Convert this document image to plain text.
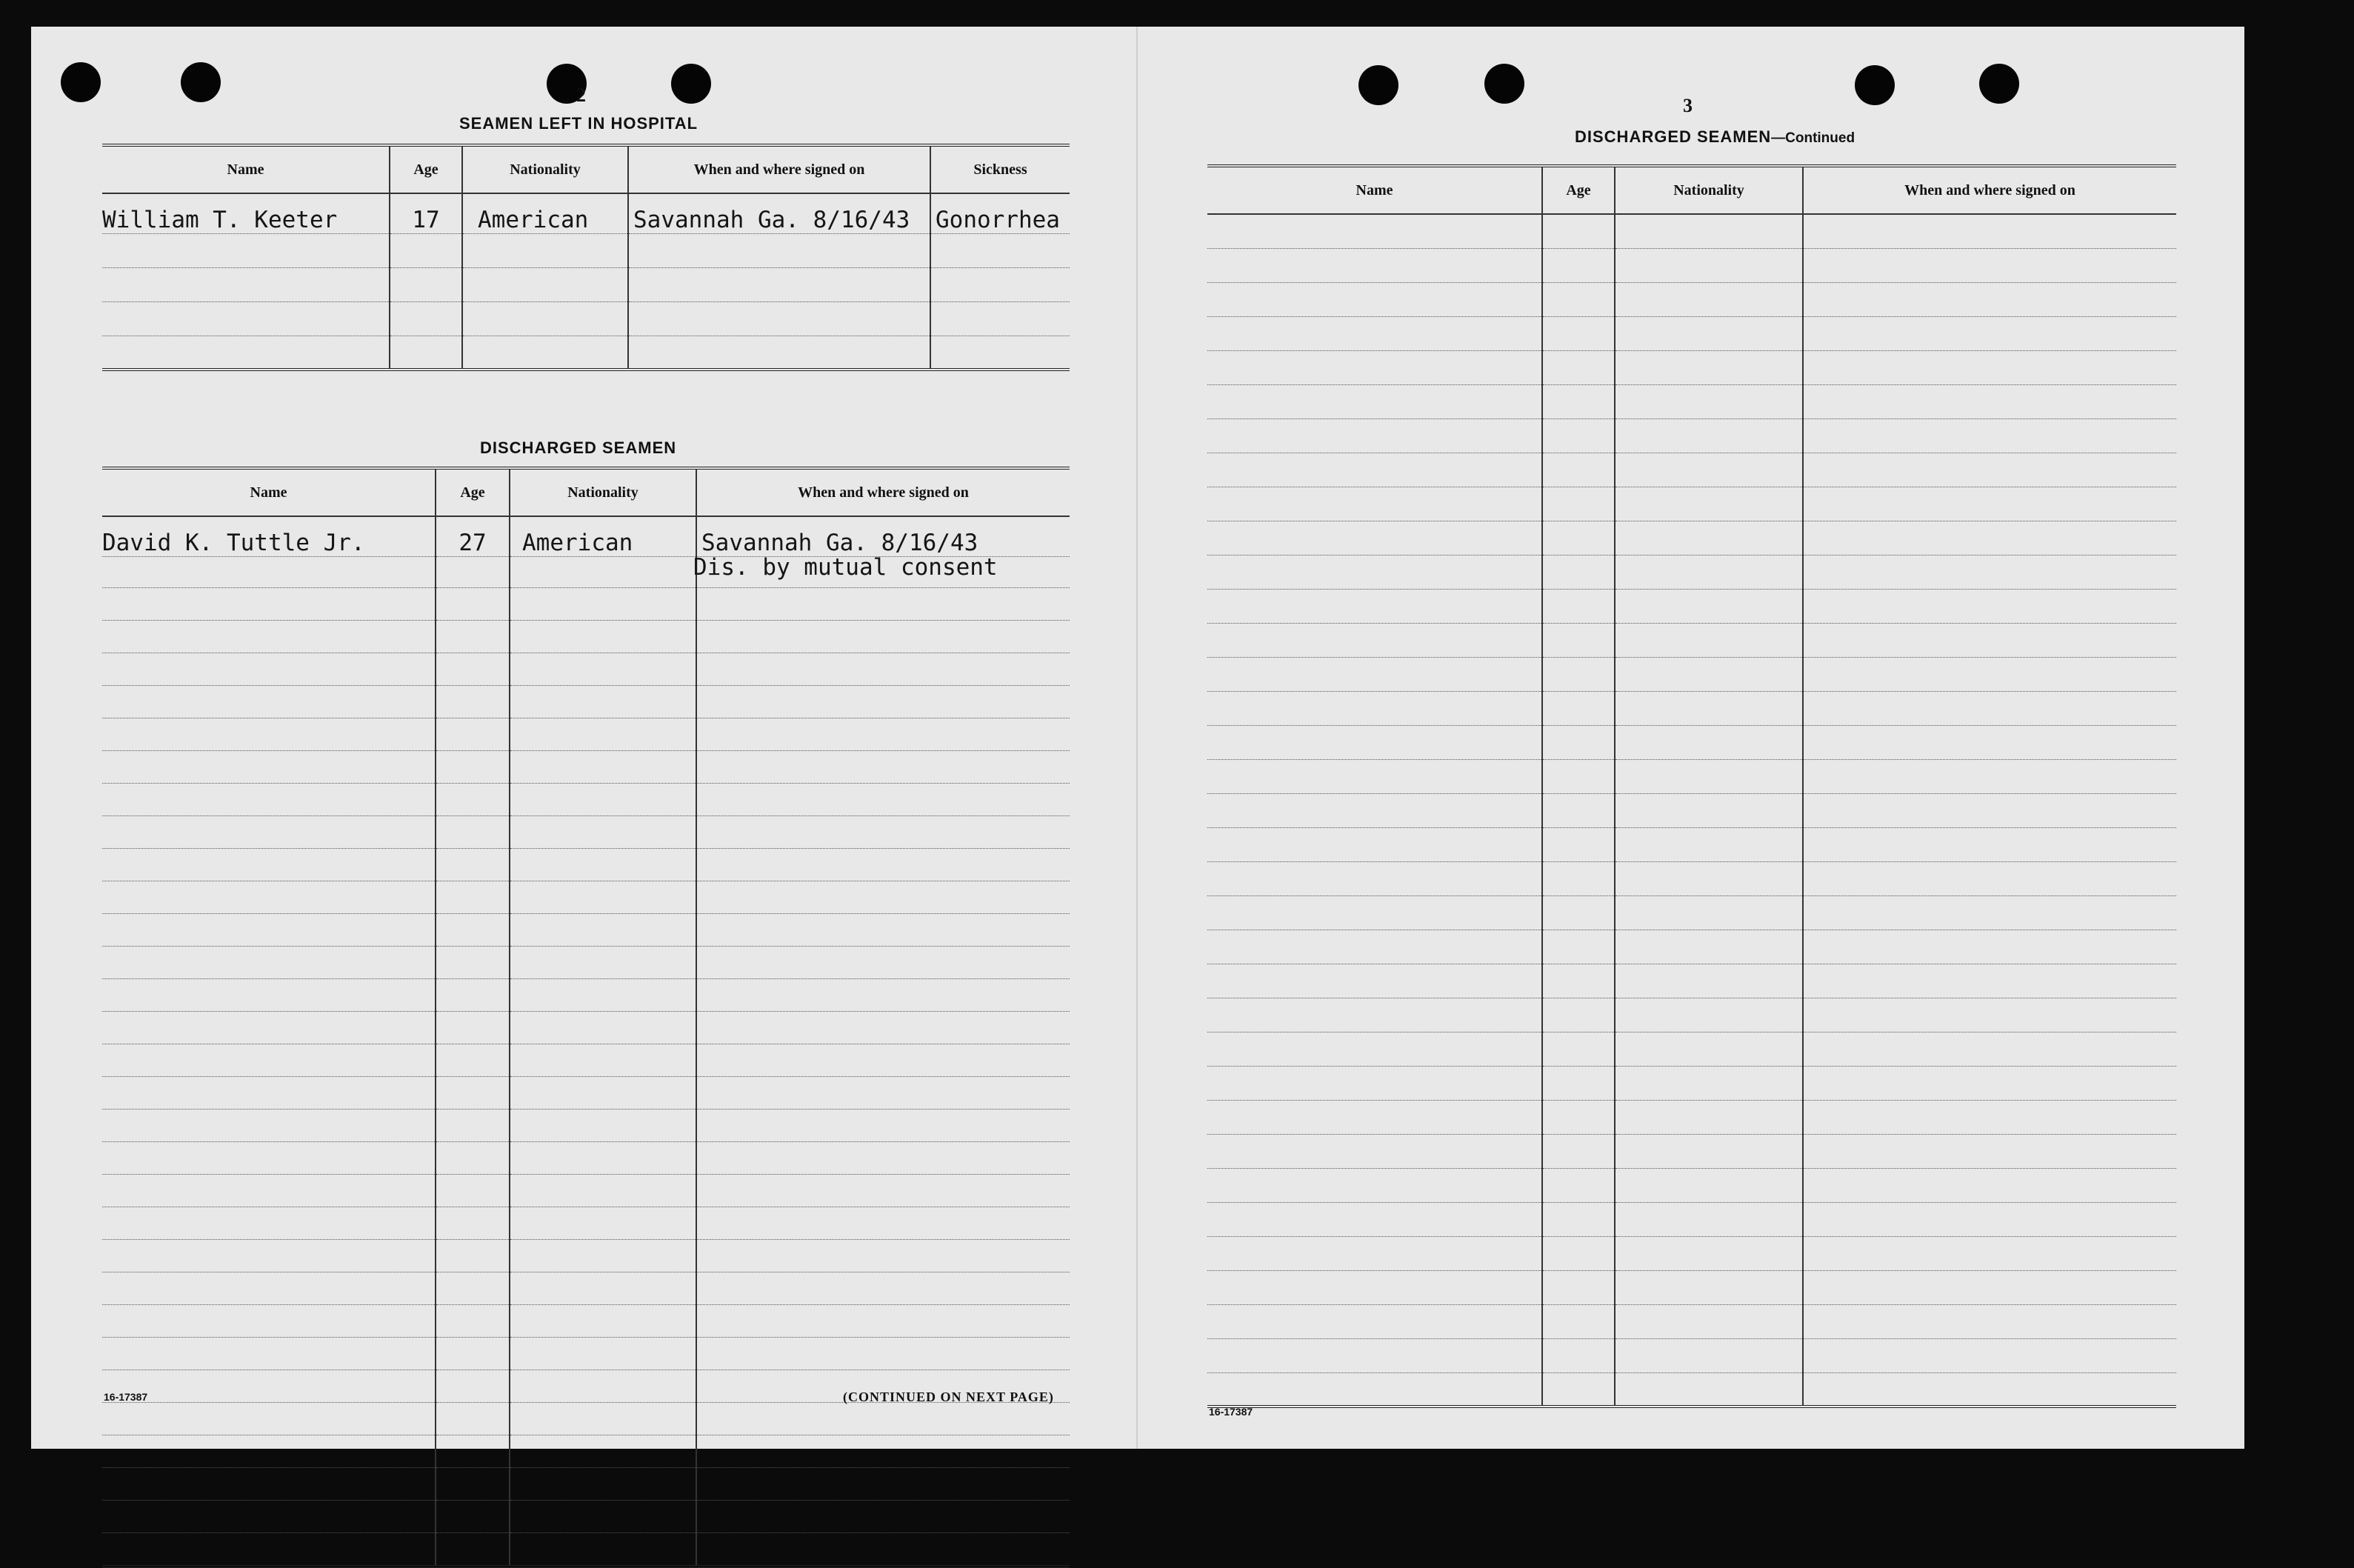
2
SEAMEN LEFT IN HOSPITAL
Name	Age	Nationality	When and where signed on	Sickness
William T. Keeter	17	American	Savannah Ga. 8/16/43	Gonorrhea

DISCHARGED SEAMEN
Name	Age	Nationality	When and where signed on
David K. Tuttle Jr.	27	American	Savannah Ga. 8/16/43

Dis. by mutual consent
16-17387	(CONTINUED ON NEXT PAGE)
3
DISCHARGED SEAMEN—Continued
Name	Age	Nationality	When and where signed on

16-17387
